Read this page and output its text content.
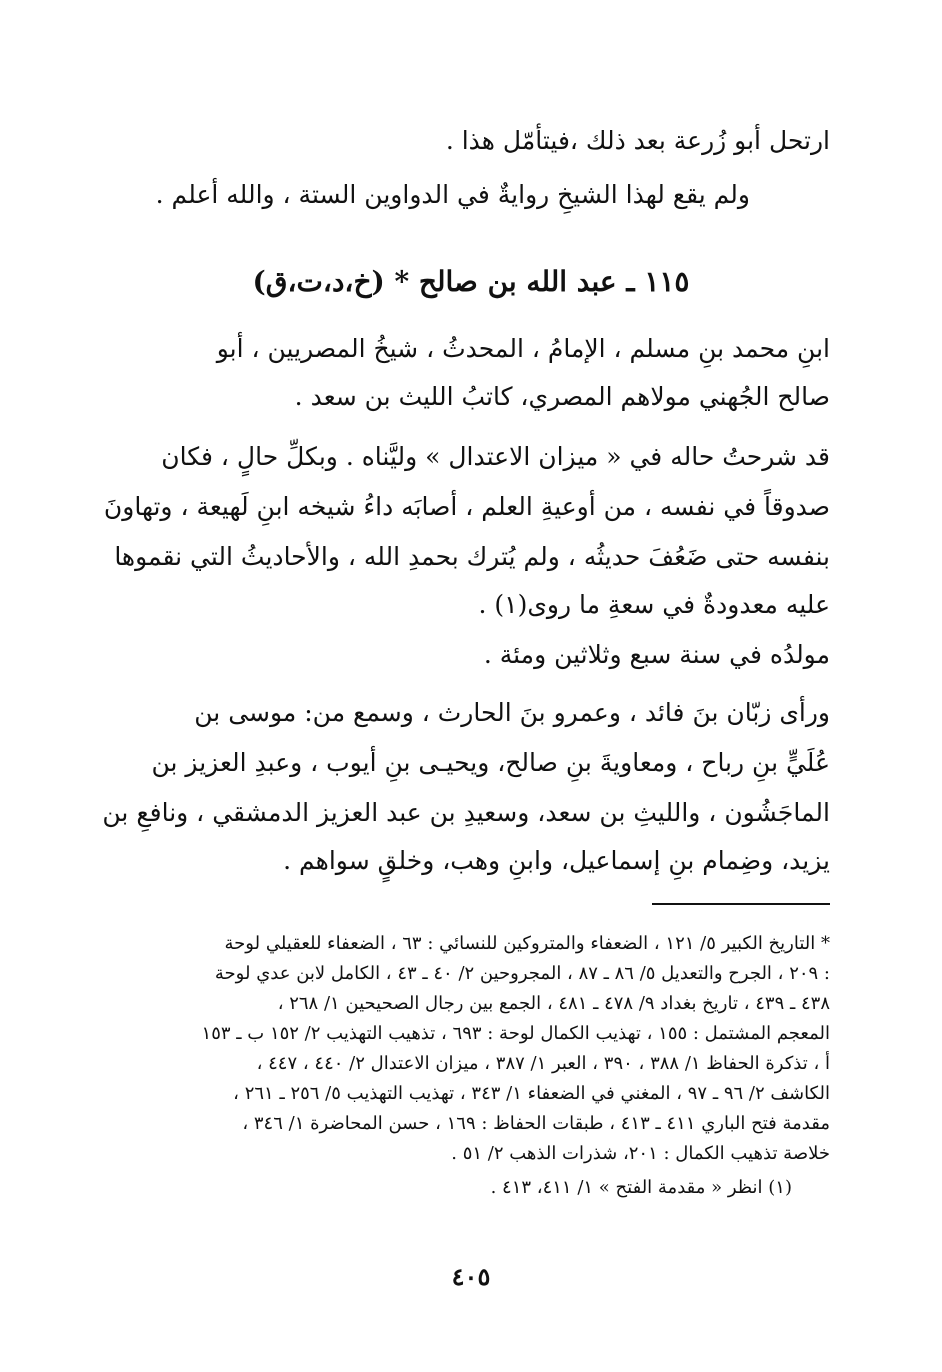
ارتحل أبو زُرعة بعد ذلك ،فيتأمّل هذا .
ولم يقع لهذا الشيخِ روايةٌ في الدواوين الستة ، والله أعلم .
١١٥ ـ عبد الله بن صالح * (خ،د،ت،ق)
ابنِ محمد بنِ مسلم ، الإمامُ ، المحدثُ ، شيخُ المصريين ، أبو
صالح الجُهني مولاهم المصري، كاتبُ الليث بن سعد .
قد شرحتُ حاله في « ميزان الاعتدال » وليَّناه . وبكلِّ حالٍ ، فكان
صدوقاً في نفسه ، من أوعيةِ العلم ، أصابَه داءُ شيخه ابنِ لَهيعة ، وتهاونَ
بنفسه حتى ضَعُفَ حديثُه ، ولم يُترك بحمدِ الله ، والأحاديثُ التي نقموها
عليه معدودةٌ في سعةِ ما روى(١) .
مولدُه في سنة سبع وثلاثين ومئة .
ورأى زبّان بنَ فائد ، وعمرو بنَ الحارث ، وسمع من: موسى بن
عُلَيٍّ بنِ رباح ، ومعاويةَ بنِ صالح، ويحيـى بنِ أيوب ، وعبدِ العزيز بن
الماجَشُون ، والليثِ بن سعد، وسعيدِ بن عبد العزيز الدمشقي ، ونافعِ بن
يزيد، وضِمام بنِ إسماعيل، وابنِ وهب، وخلقٍ سواهم .
* التاريخ الكبير ٥/ ١٢١ ، الضعفاء والمتروكين للنسائي : ٦٣ ، الضعفاء للعقيلي لوحة
: ٢٠٩ ، الجرح والتعديل ٥/ ٨٦ ـ ٨٧ ، المجروحين ٢/ ٤٠ ـ ٤٣ ، الكامل لابن عدي لوحة
٤٣٨ ـ ٤٣٩ ، تاريخ بغداد ٩/ ٤٧٨ ـ ٤٨١ ، الجمع بين رجال الصحيحين ١/ ٢٦٨ ،
المعجم المشتمل : ١٥٥ ، تهذيب الكمال لوحة : ٦٩٣ ، تذهيب التهذيب ٢/ ١٥٢ ب ـ ١٥٣
أ ، تذكرة الحفاظ ١/ ٣٨٨ ، ٣٩٠ ، العبر ١/ ٣٨٧ ، ميزان الاعتدال ٢/ ٤٤٠ ، ٤٤٧ ،
الكاشف ٢/ ٩٦ ـ ٩٧ ، المغني في الضعفاء ١/ ٣٤٣ ، تهذيب التهذيب ٥/ ٢٥٦ ـ ٢٦١ ،
مقدمة فتح الباري ٤١١ ـ ٤١٣ ، طبقات الحفاظ : ١٦٩ ، حسن المحاضرة ١/ ٣٤٦ ،
خلاصة تذهيب الكمال : ٢٠١، شذرات الذهب ٢/ ٥١ .
(١) انظر « مقدمة الفتح » ١/ ٤١١، ٤١٣ .
٤٠٥
